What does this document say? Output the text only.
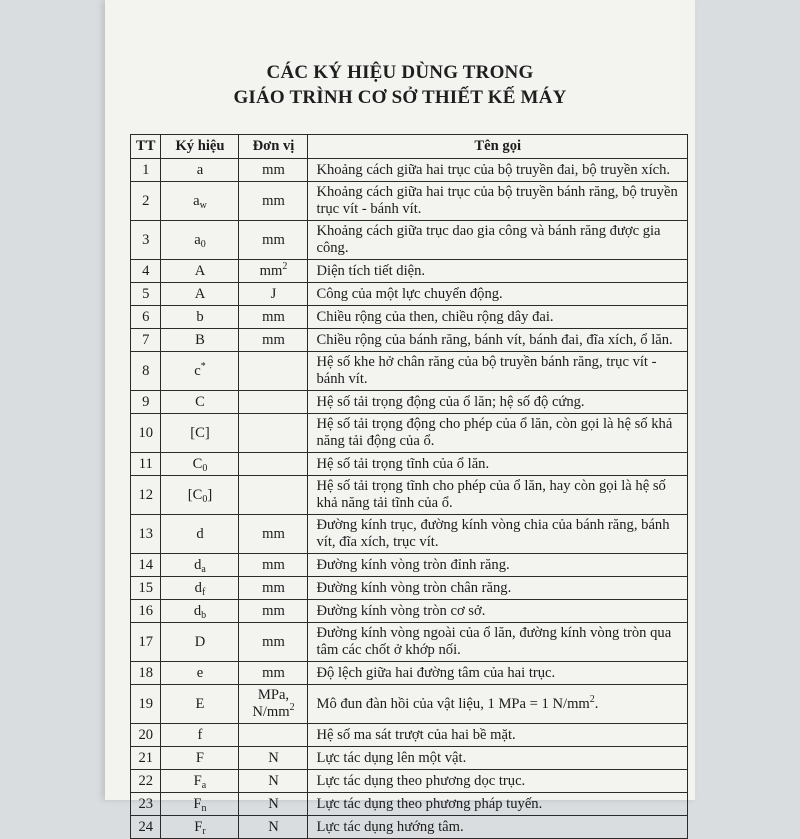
CÁC KÝ HIỆU DÙNG TRONG
GIÁO TRÌNH CƠ SỞ THIẾT KẾ MÁY
TT	Ký hiệu	Đơn vị	Tên gọi
1	a	mm	Khoảng cách giữa hai trục của bộ truyền đai, bộ truyền xích.
2	$a_w$	mm	Khoảng cách giữa hai trục của bộ truyền bánh răng, bộ truyền trục vít - bánh vít.
3	$a_0$	mm	Khoảng cách giữa trục dao gia công và bánh răng được gia công.
4	A	$mm^2$	Diện tích tiết diện.
5	A	J	Công của một lực chuyển động.
6	b	mm	Chiều rộng của then, chiều rộng dây đai.
7	B	mm	Chiều rộng của bánh răng, bánh vít, bánh đai, đĩa xích, ổ lăn.
8	c*		Hệ số khe hở chân răng của bộ truyền bánh răng, trục vít - bánh vít.
9	C		Hệ số tải trọng động của ổ lăn; hệ số độ cứng.
10	[C]		Hệ số tải trọng động cho phép của ổ lăn, còn gọi là hệ số khả năng tải động của ổ.
11	$C_0$		Hệ số tải trọng tĩnh của ổ lăn.
12	$[C_0]$		Hệ số tải trọng tĩnh cho phép của ổ lăn, hay còn gọi là hệ số khả năng tải tĩnh của ổ.
13	d	mm	Đường kính trục, đường kính vòng chia của bánh răng, bánh vít, đĩa xích, trục vít.
14	$d_a$	mm	Đường kính vòng tròn đỉnh răng.
15	$d_f$	mm	Đường kính vòng tròn chân răng.
16	$d_b$	mm	Đường kính vòng tròn cơ sở.
17	D	mm	Đường kính vòng ngoài của ổ lăn, đường kính vòng tròn qua tâm các chốt ở khớp nối.
18	e	mm	Độ lệch giữa hai đường tâm của hai trục.
19	E	MPa, $N/mm^2$	Mô đun đàn hồi của vật liệu, 1 MPa = 1 $N/mm^2$.
20	f		Hệ số ma sát trượt của hai bề mặt.
21	F	N	Lực tác dụng lên một vật.
22	$F_a$	N	Lực tác dụng theo phương dọc trục.
23	$F_n$	N	Lực tác dụng theo phương pháp tuyến.
24	$F_r$	N	Lực tác dụng hướng tâm.
